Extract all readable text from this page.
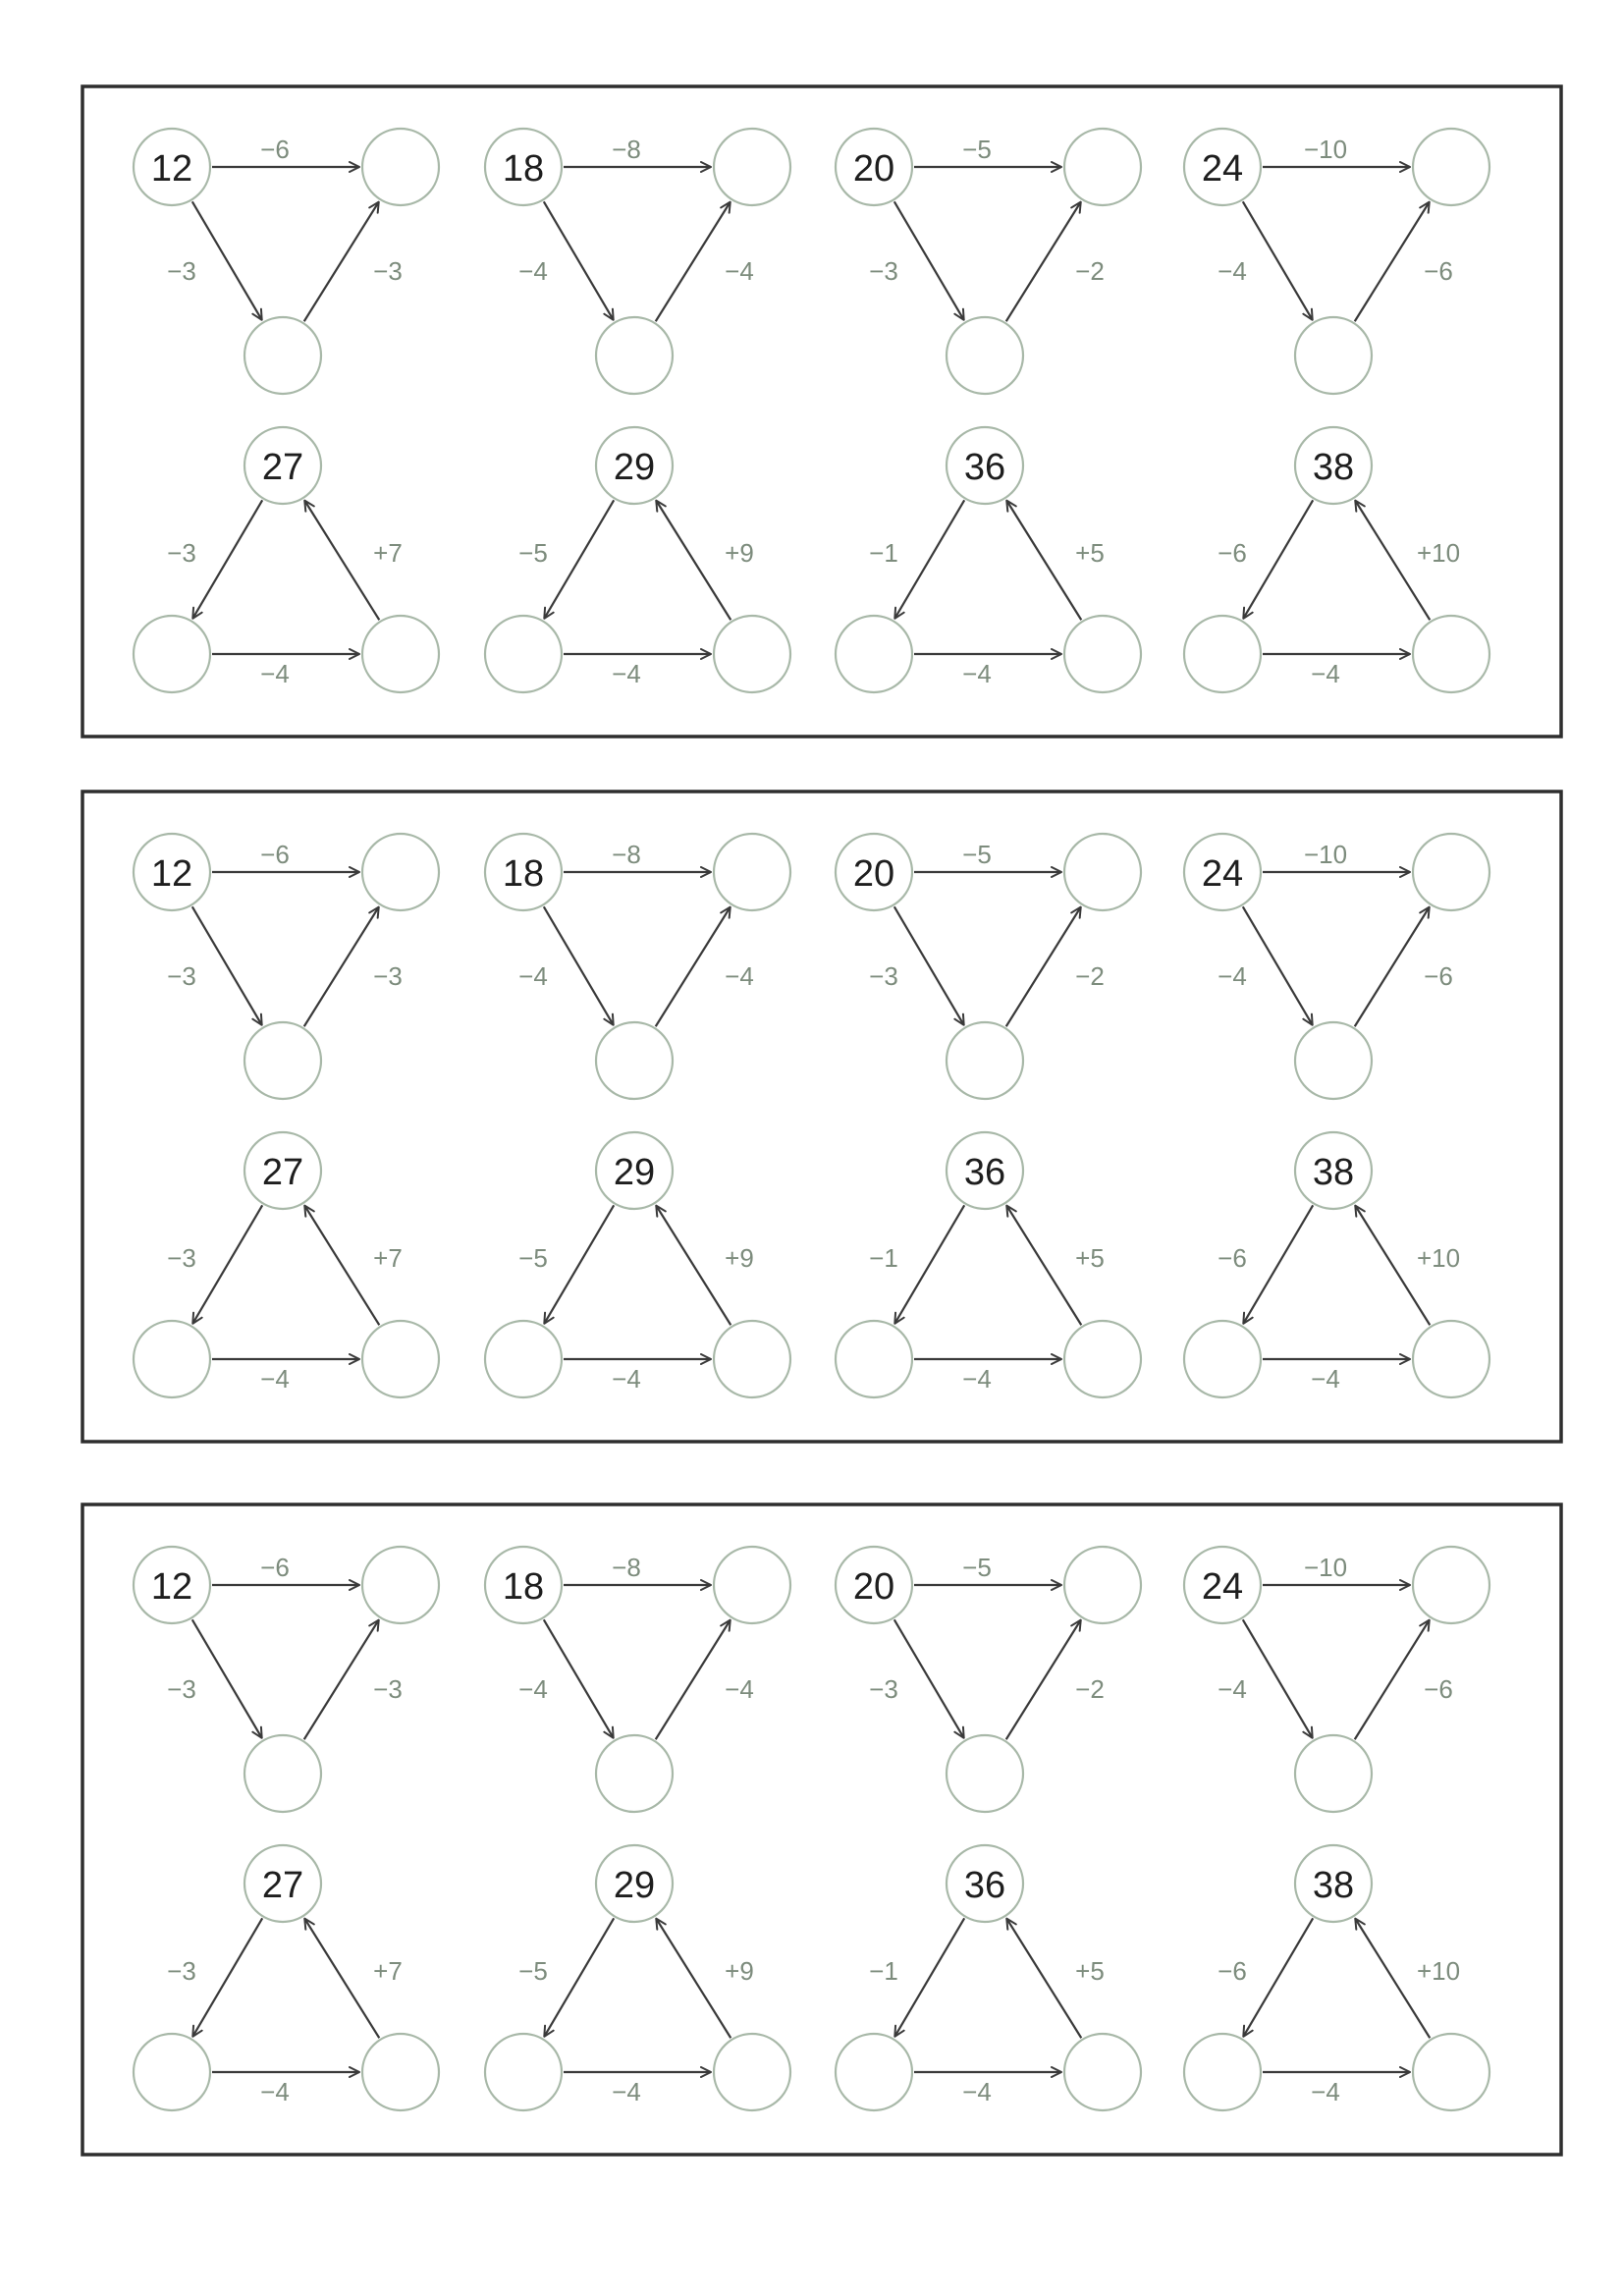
12	−6
−3	−3
18	−8
−4	−4
20	−5
−3	−2
24 −10
−4	−6
27
−3	+7
−4
29
−5	+9
−4
36
−1	+5
−4
38
−6	+10
−4
12	−6
−3	−3
18	−8
−4	−4
20	−5
−3	−2
24 −10
−4	−6
27
−3	+7
−4
29
−5	+9
−4
36
−1	+5
−4
38
−6	+10
−4
12	−6
−3	−3
18	−8
−4	−4
20	−5
−3	−2
24 −10
−4	−6
27
−3	+7
−4
29
−5	+9
−4
36
−1	+5
−4
38
−6	+10
−4
